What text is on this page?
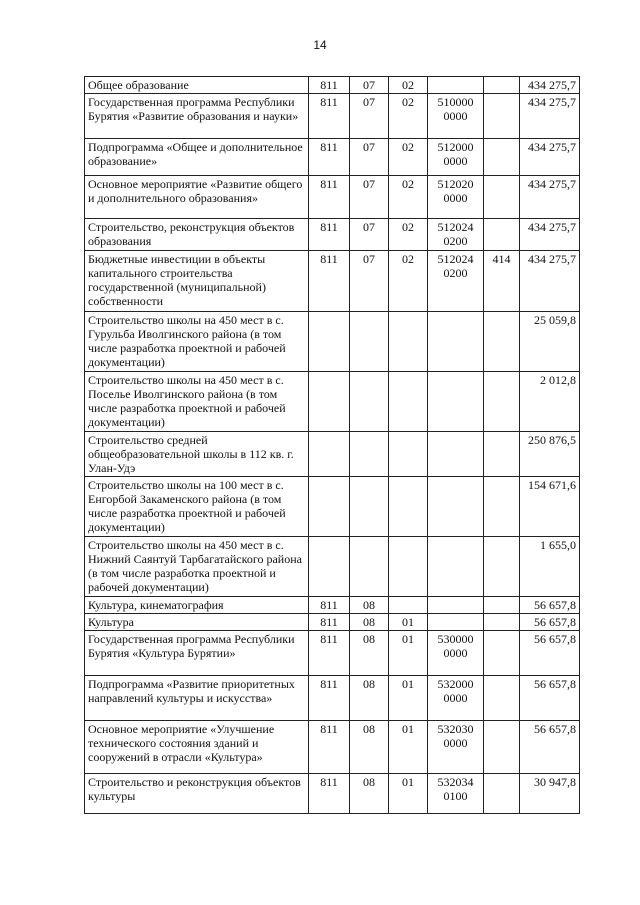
14
Общее образование	811	07	02			434 275,7
Государственная программа Республики Бурятия «Развитие образования и науки»	811	07	02	510000 0000		434 275,7
Подпрограмма «Общее и дополнительное образование»	811	07	02	512000 0000		434 275,7
Основное мероприятие «Развитие общего и дополнительного образования»	811	07	02	512020 0000		434 275,7
Строительство, реконструкция объектов образования	811	07	02	512024 0200		434 275,7
Бюджетные инвестиции в объекты капитального строительства государственной (муниципальной) собственности	811	07	02	512024 0200	414	434 275,7
Строительство школы на 450 мест в с. Гурульба Иволгинского района (в том числе разработка проектной и рабочей документации)						25 059,8
Строительство школы на 450 мест в с. Поселье Иволгинского района (в том числе разработка проектной и рабочей документации)						2 012,8
Строительство средней общеобразовательной школы в 112 кв. г. Улан-Удэ						250 876,5
Строительство школы на 100 мест в с. Енгорбой Закаменского района (в том числе разработка проектной и рабочей документации)						154 671,6
Строительство школы на 450 мест в с. Нижний Саянтуй Тарбагатайского района (в том числе разработка проектной и рабочей документации)						1 655,0
Культура, кинематография	811	08				56 657,8
Культура	811	08	01			56 657,8
Государственная программа Республики Бурятия «Культура Бурятии»	811	08	01	530000 0000		56 657,8
Подпрограмма «Развитие приоритетных направлений культуры и искусства»	811	08	01	532000 0000		56 657,8
Основное мероприятие «Улучшение технического состояния зданий и сооружений в отрасли «Культура»	811	08	01	532030 0000		56 657,8
Строительство и реконструкция объектов культуры	811	08	01	532034 0100		30 947,8
